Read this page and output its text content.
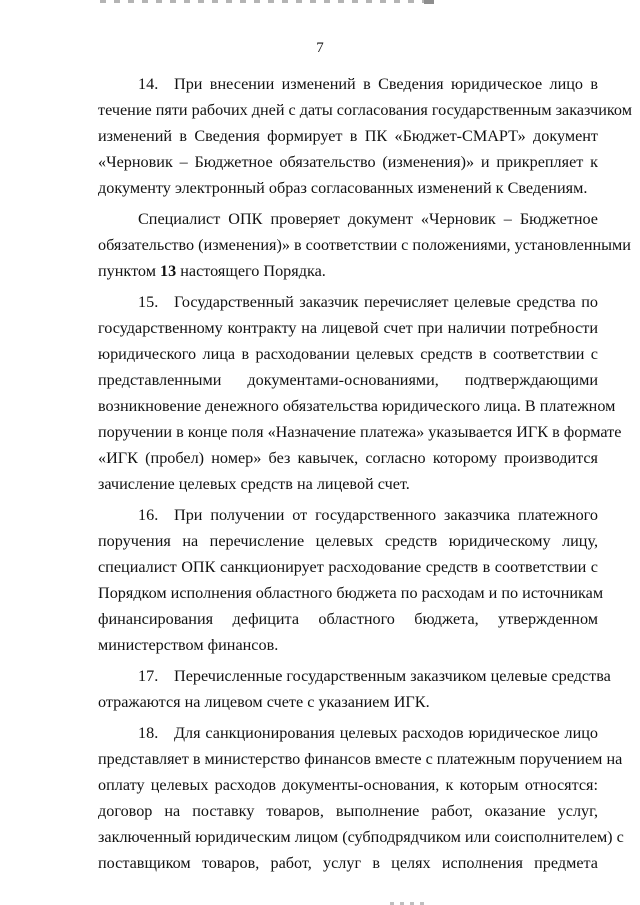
7
14. При внесении изменений в Сведения юридическое лицо в
течение пяти рабочих дней с даты согласования государственным заказчиком
изменений в Сведения формирует в ПК «Бюджет-СМАРТ» документ
«Черновик – Бюджетное обязательство (изменения)» и прикрепляет к
документу электронный образ согласованных изменений к Сведениям.
Специалист ОПК проверяет документ «Черновик – Бюджетное
обязательство (изменения)» в соответствии с положениями, установленными
пунктом 13 настоящего Порядка.
15. Государственный заказчик перечисляет целевые средства по
государственному контракту на лицевой счет при наличии потребности
юридического лица в расходовании целевых средств в соответствии с
представленными документами-основаниями, подтверждающими
возникновение денежного обязательства юридического лица. В платежном
поручении в конце поля «Назначение платежа» указывается ИГК в формате
«ИГК (пробел) номер» без кавычек, согласно которому производится
зачисление целевых средств на лицевой счет.
16. При получении от государственного заказчика платежного
поручения на перечисление целевых средств юридическому лицу,
специалист ОПК санкционирует расходование средств в соответствии с
Порядком исполнения областного бюджета по расходам и по источникам
финансирования дефицита областного бюджета, утвержденном
министерством финансов.
17. Перечисленные государственным заказчиком целевые средства
отражаются на лицевом счете с указанием ИГК.
18. Для санкционирования целевых расходов юридическое лицо
представляет в министерство финансов вместе с платежным поручением на
оплату целевых расходов документы-основания, к которым относятся:
договор на поставку товаров, выполнение работ, оказание услуг,
заключенный юридическим лицом (субподрядчиком или соисполнителем) с
поставщиком товаров, работ, услуг в целях исполнения предмета
